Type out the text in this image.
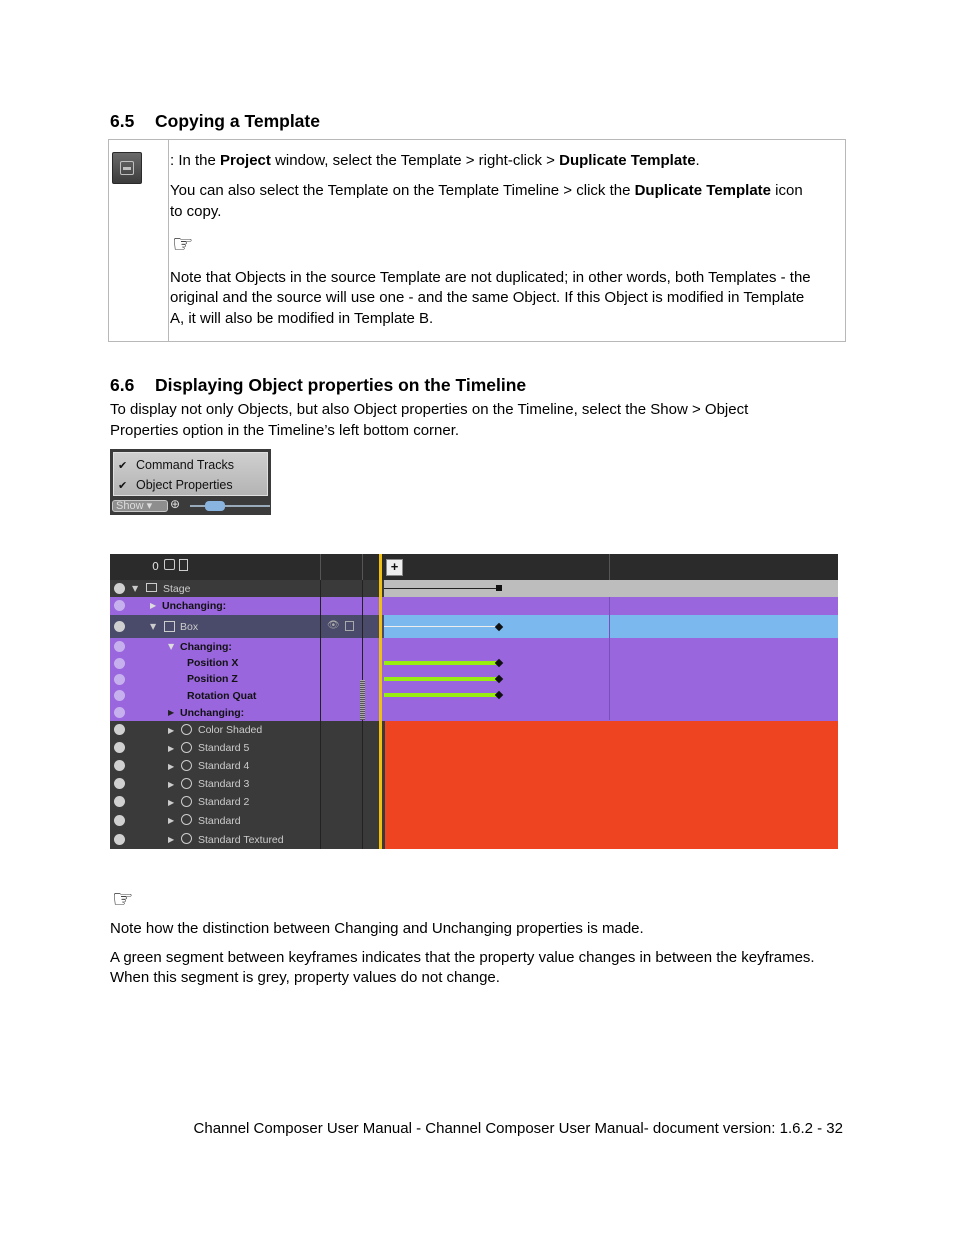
6.5 Copying a Template

: In the Project window, select the Template > right-click > Duplicate Template.

You can also select the Template on the Template Timeline > click the Duplicate Template icon

to copy.

☞

Note that Objects in the source Template are not duplicated; in other words, both Templates - the

original and the source will use one - and the same Object. If this Object is modified in Template

A, it will also be modified in Template B.

6.6 Displaying Object properties on the Timeline

To display not only Objects, but also Object properties on the Timeline, select the Show > Object

Properties option in the Timeline’s left bottom corner.

✔ Command Tracks
✔ Object Properties
Show ▾	⊕
0	+
▼ Stage
▶ Unchanging:
▼ Box	👁
▼ Changing:
Position X
Position Z
Rotation Quat
▶ Unchanging:
▶ Color Shaded
▶ Standard 5
▶ Standard 4
▶ Standard 3
▶ Standard 2
▶ Standard
▶ Standard Textured
☞

Note how the distinction between Changing and Unchanging properties is made.

A green segment between keyframes indicates that the property value changes in between the keyframes.

When this segment is grey, property values do not change.

Channel Composer User Manual - Channel Composer User Manual- document version: 1.6.2 - 32
